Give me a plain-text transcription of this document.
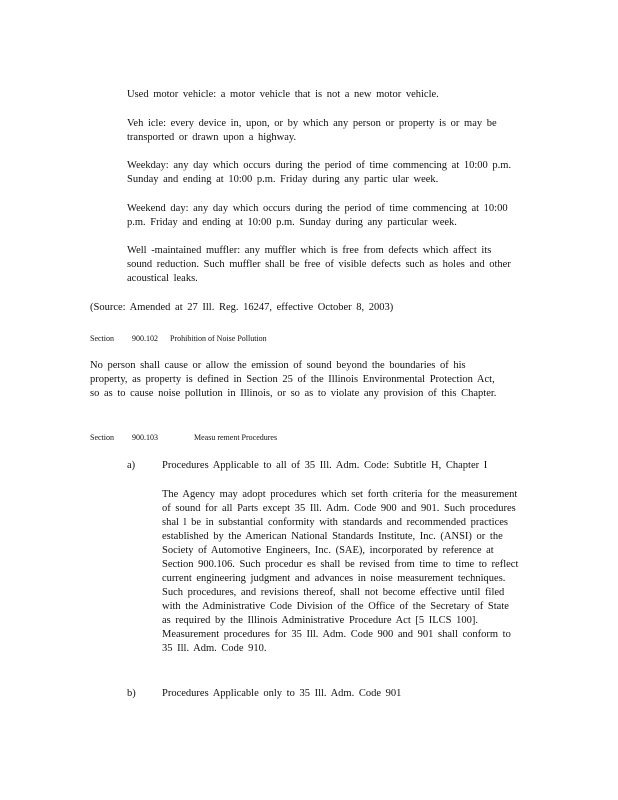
Used motor vehicle: a motor vehicle that is not a new motor vehicle.

Veh icle: every device in, upon, or by which any person or property is or may be transported or drawn upon a highway.

Weekday: any day which occurs during the period of time commencing at 10:00 p.m. Sunday and ending at 10:00 p.m. Friday during any partic ular week.

Weekend day: any day which occurs during the period of time commencing at 10:00 p.m. Friday and ending at 10:00 p.m. Sunday during any particular week.

Well -maintained muffler: any muffler which is free from defects which affect its sound reduction. Such muffler shall be free of visible defects such as holes and other acoustical leaks.

(Source: Amended at 27 Ill. Reg. 16247, effective October 8, 2003)

Section 900.102 Prohibition of Noise Pollution

No person shall cause or allow the emission of sound beyond the boundaries of his property, as property is defined in Section 25 of the Illinois Environmental Protection Act, so as to cause noise pollution in Illinois, or so as to violate any provision of this Chapter.

Section 900.103	Measu rement Procedures

a)	Procedures Applicable to all of 35 Ill. Adm. Code: Subtitle H, Chapter I

The Agency may adopt procedures which set forth criteria for the measurement of sound for all Parts except 35 Ill. Adm. Code 900 and 901. Such procedures shal l be in substantial conformity with standards and recommended practices established by the American National Standards Institute, Inc. (ANSI) or the Society of Automotive Engineers, Inc. (SAE), incorporated by reference at Section 900.106. Such procedur es shall be revised from time to time to reflect current engineering judgment and advances in noise measurement techniques. Such procedures, and revisions thereof, shall not become effective until filed with the Administrative Code Division of the Office of the Secretary of State as required by the Illinois Administrative Procedure Act [5 ILCS 100]. Measurement procedures for 35 Ill. Adm. Code 900 and 901 shall conform to 35 Ill. Adm. Code 910.

b)	Procedures Applicable only to 35 Ill. Adm. Code 901
